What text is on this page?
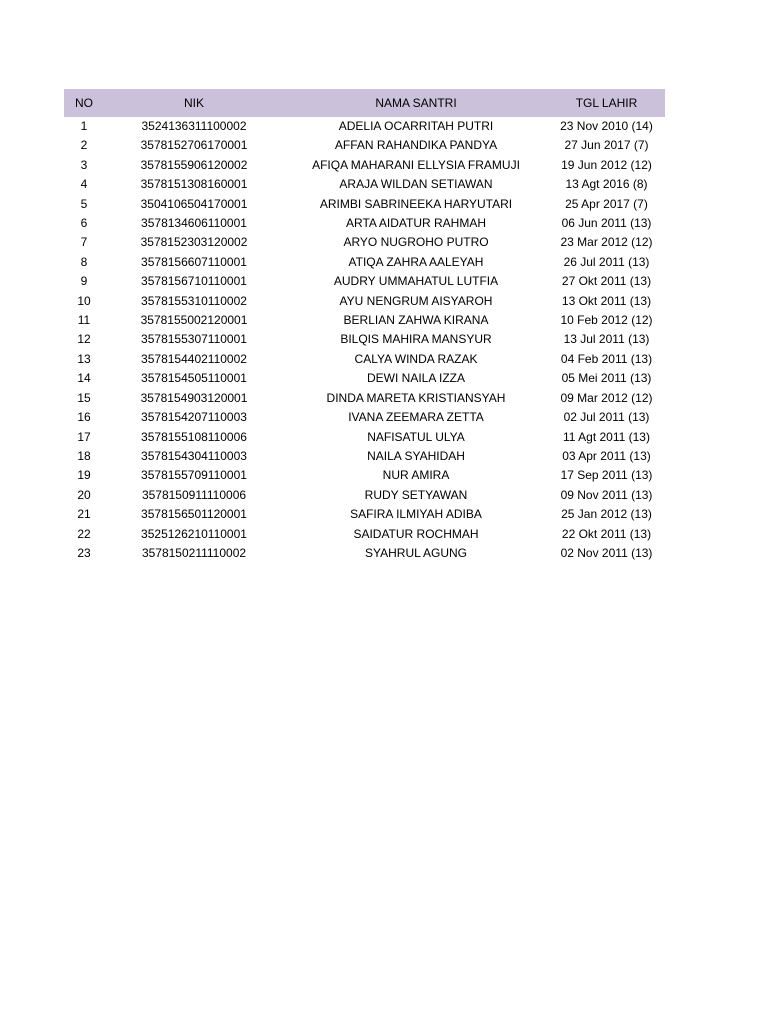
NO	NIK	NAMA SANTRI	TGL LAHIR
1	3524136311100002	ADELIA OCARRITAH PUTRI	23 Nov 2010 (14)
2	3578152706170001	AFFAN RAHANDIKA PANDYA	27 Jun 2017 (7)
3	3578155906120002	AFIQA MAHARANI ELLYSIA FRAMUJI	19 Jun 2012 (12)
4	3578151308160001	ARAJA WILDAN SETIAWAN	13 Agt 2016 (8)
5	3504106504170001	ARIMBI SABRINEEKA HARYUTARI	25 Apr 2017 (7)
6	3578134606110001	ARTA AIDATUR RAHMAH	06 Jun 2011 (13)
7	3578152303120002	ARYO NUGROHO PUTRO	23 Mar 2012 (12)
8	3578156607110001	ATIQA ZAHRA AALEYAH	26 Jul 2011 (13)
9	3578156710110001	AUDRY UMMAHATUL LUTFIA	27 Okt 2011 (13)
10	3578155310110002	AYU NENGRUM AISYAROH	13 Okt 2011 (13)
11	3578155002120001	BERLIAN ZAHWA KIRANA	10 Feb 2012 (12)
12	3578155307110001	BILQIS MAHIRA MANSYUR	13 Jul 2011 (13)
13	3578154402110002	CALYA WINDA RAZAK	04 Feb 2011 (13)
14	3578154505110001	DEWI NAILA IZZA	05 Mei 2011 (13)
15	3578154903120001	DINDA MARETA KRISTIANSYAH	09 Mar 2012 (12)
16	3578154207110003	IVANA ZEEMARA ZETTA	02 Jul 2011 (13)
17	3578155108110006	NAFISATUL ULYA	11 Agt 2011 (13)
18	3578154304110003	NAILA SYAHIDAH	03 Apr 2011 (13)
19	3578155709110001	NUR AMIRA	17 Sep 2011 (13)
20	3578150911110006	RUDY SETYAWAN	09 Nov 2011 (13)
21	3578156501120001	SAFIRA ILMIYAH ADIBA	25 Jan 2012 (13)
22	3525126210110001	SAIDATUR ROCHMAH	22 Okt 2011 (13)
23	3578150211110002	SYAHRUL AGUNG	02 Nov 2011 (13)
